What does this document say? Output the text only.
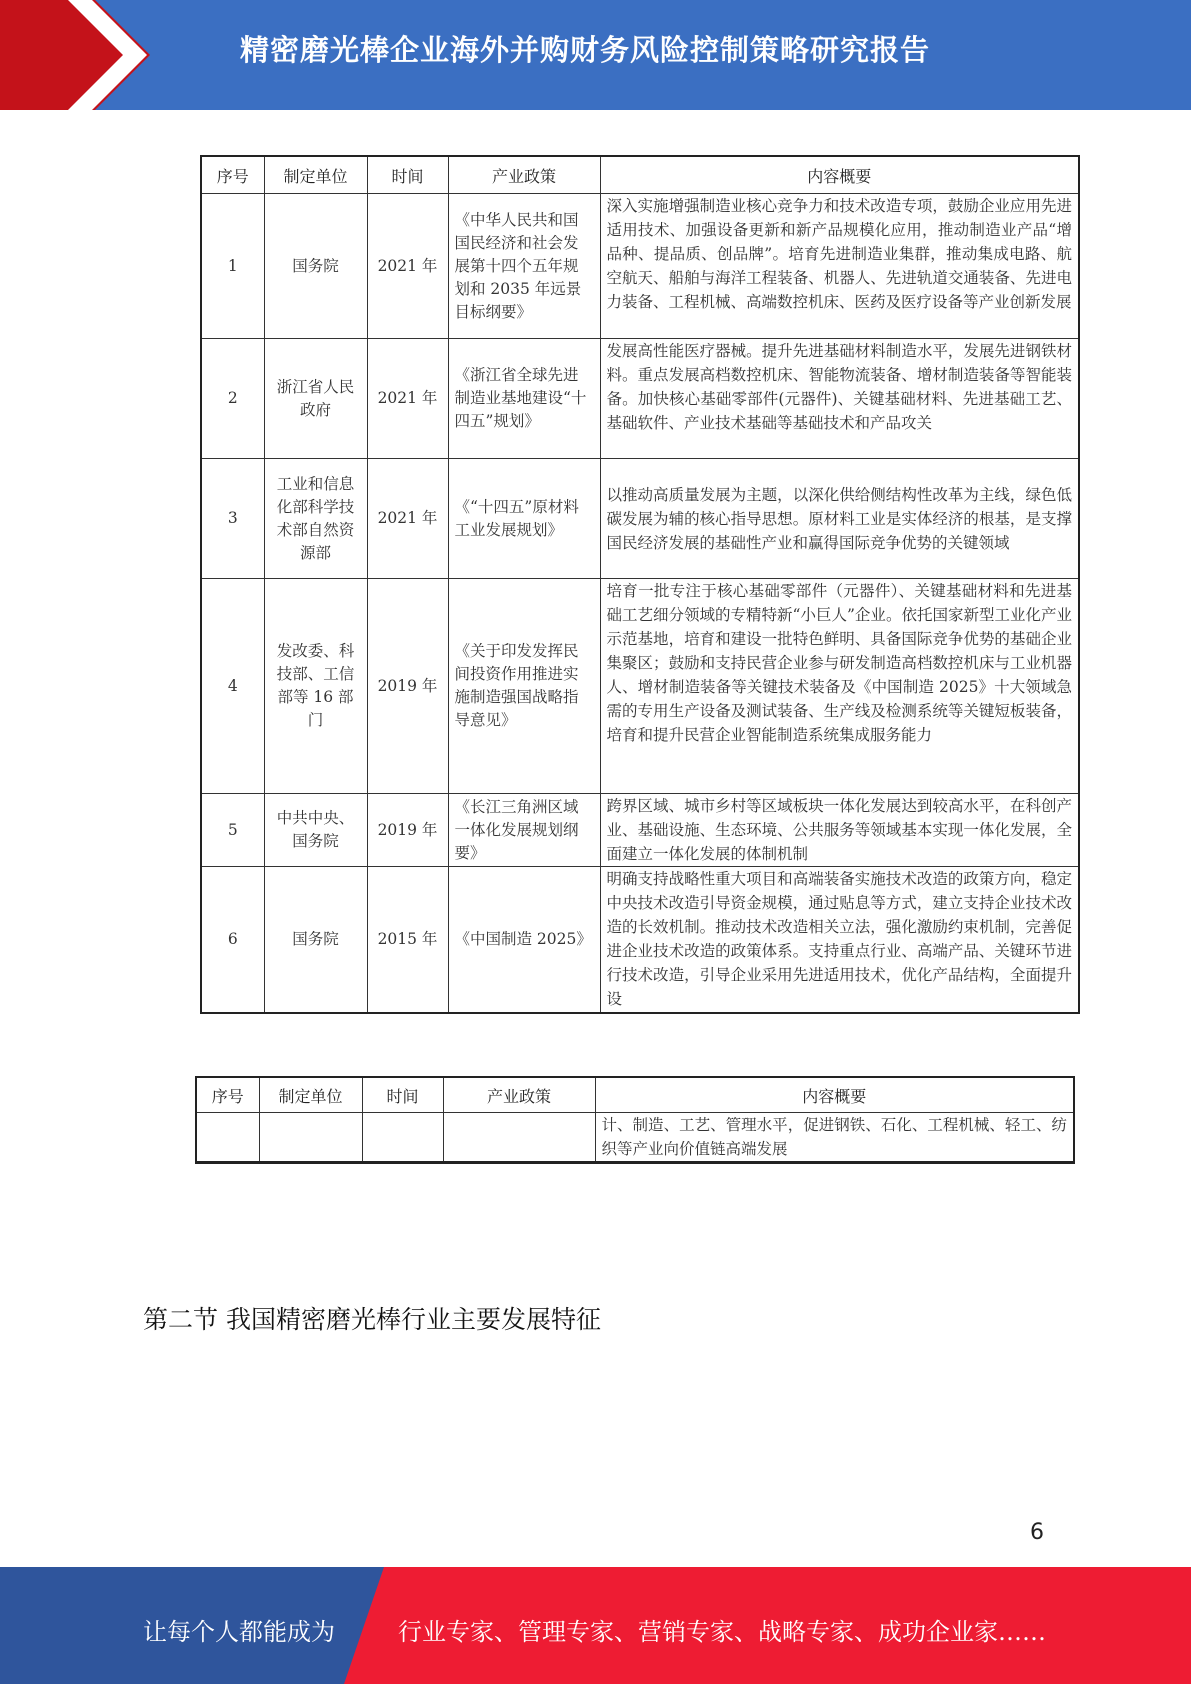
精密磨光棒企业海外并购财务风险控制策略研究报告
序号	制定单位	时间	产业政策	内容概要
1	国务院	2021 年	《中华人民共和国国民经济和社会发展第十四个五年规划和 2035 年远景目标纲要》	深入实施增强制造业核心竞争力和技术改造专项，鼓励企业应用先进适用技术、加强设备更新和新产品规模化应用，推动制造业产品“增品种、提品质、创品牌”。培育先进制造业集群，推动集成电路、航空航天、船舶与海洋工程装备、机器人、先进轨道交通装备、先进电力装备、工程机械、高端数控机床、医药及医疗设备等产业创新发展
2	浙江省人民政府	2021 年	《浙江省全球先进制造业基地建设“十四五”规划》	发展高性能医疗器械。提升先进基础材料制造水平，发展先进钢铁材料。重点发展高档数控机床、智能物流装备、增材制造装备等智能装备。加快核心基础零部件(元器件)、关键基础材料、先进基础工艺、基础软件、产业技术基础等基础技术和产品攻关
3	工业和信息化部科学技术部自然资源部	2021 年	《“十四五”原材料工业发展规划》	以推动高质量发展为主题，以深化供给侧结构性改革为主线，绿色低碳发展为辅的核心指导思想。原材料工业是实体经济的根基，是支撑国民经济发展的基础性产业和赢得国际竞争优势的关键领域
4	发改委、科技部、工信部等 16 部门	2019 年	《关于印发发挥民间投资作用推进实施制造强国战略指导意见》	培育一批专注于核心基础零部件（元器件）、关键基础材料和先进基础工艺细分领域的专精特新“小巨人”企业。依托国家新型工业化产业示范基地，培育和建设一批特色鲜明、具备国际竞争优势的基础企业集聚区；鼓励和支持民营企业参与研发制造高档数控机床与工业机器人、增材制造装备等关键技术装备及《中国制造 2025》十大领域急需的专用生产设备及测试装备、生产线及检测系统等关键短板装备，培育和提升民营企业智能制造系统集成服务能力
5	中共中央、国务院	2019 年	《长江三角洲区域一体化发展规划纲要》	跨界区域、城市乡村等区域板块一体化发展达到较高水平，在科创产业、基础设施、生态环境、公共服务等领域基本实现一体化发展，全面建立一体化发展的体制机制
6	国务院	2015 年	《中国制造 2025》	明确支持战略性重大项目和高端装备实施技术改造的政策方向，稳定中央技术改造引导资金规模，通过贴息等方式，建立支持企业技术改造的长效机制。推动技术改造相关立法，强化激励约束机制，完善促进企业技术改造的政策体系。支持重点行业、高端产品、关键环节进行技术改造，引导企业采用先进适用技术，优化产品结构，全面提升设
序号	制定单位	时间	产业政策	内容概要
				计、制造、工艺、管理水平，促进钢铁、石化、工程机械、轻工、纺织等产业向价值链高端发展
第二节 我国精密磨光棒行业主要发展特征
6
让每个人都能成为	行业专家、管理专家、营销专家、战略专家、成功企业家……
